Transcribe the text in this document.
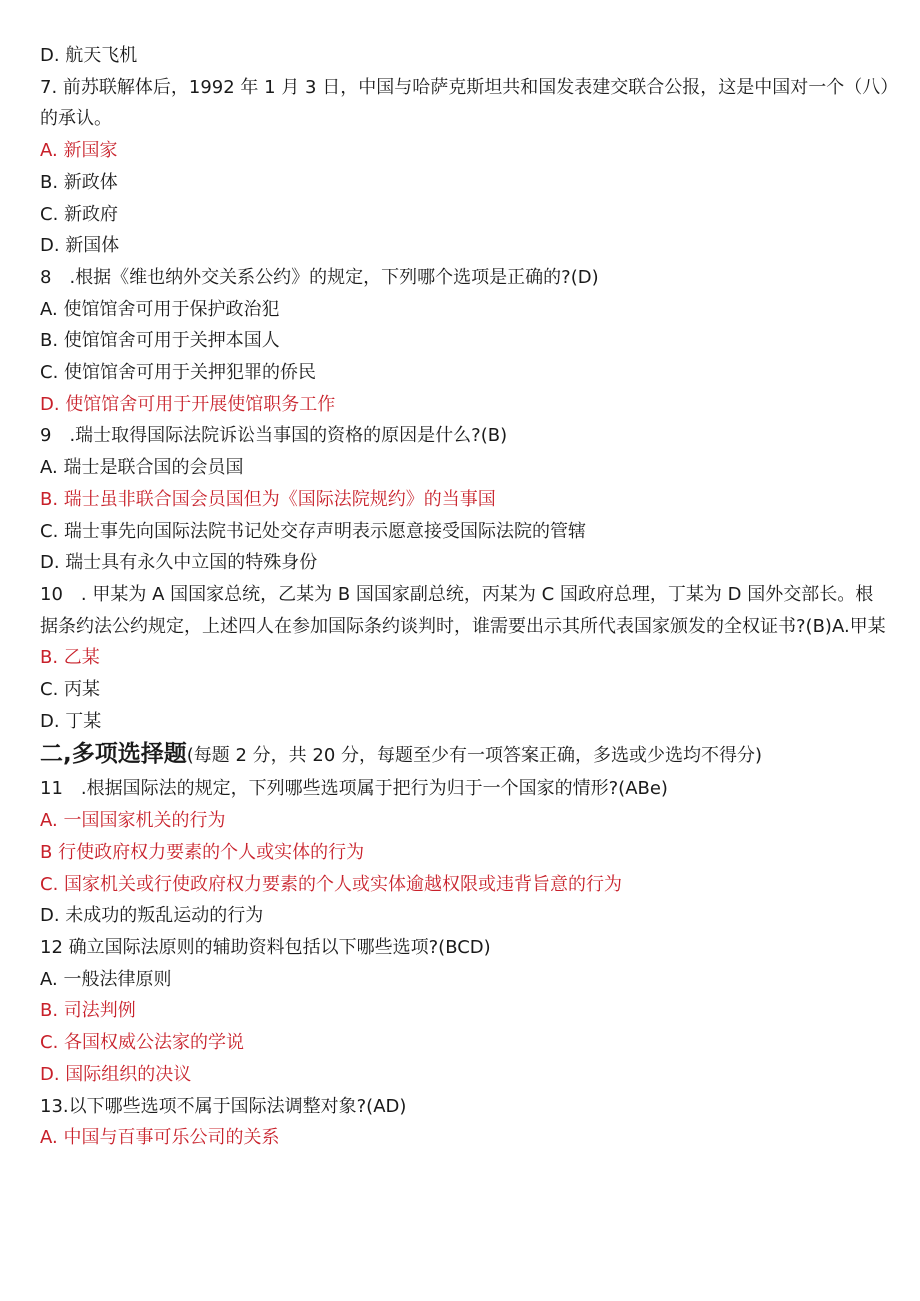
D. 航天飞机
7. 前苏联解体后，1992 年 1 月 3 日，中国与哈萨克斯坦共和国发表建交联合公报，这是中国对一个（八）的承认。
A. 新国家
B. 新政体
C. 新政府
D. 新国体
8　.根据《维也纳外交关系公约》的规定，下列哪个选项是正确的?(D)
A. 使馆馆舍可用于保护政治犯
B. 使馆馆舍可用于关押本国人
C. 使馆馆舍可用于关押犯罪的侨民
D. 使馆馆舍可用于开展使馆职务工作
9　.瑞士取得国际法院诉讼当事国的资格的原因是什么?(B)
A. 瑞士是联合国的会员国
B. 瑞士虽非联合国会员国但为《国际法院规约》的当事国
C. 瑞士事先向国际法院书记处交存声明表示愿意接受国际法院的管辖
D. 瑞士具有永久中立国的特殊身份
10　. 甲某为 A 国国家总统，乙某为 B 国国家副总统，丙某为 C 国政府总理，丁某为 D 国外交部长。根据条约法公约规定，上述四人在参加国际条约谈判时，谁需要出示其所代表国家颁发的全权证书?(B)A.甲某
B. 乙某
C. 丙某
D. 丁某
二,多项选择题(每题 2 分，共 20 分，每题至少有一项答案正确，多选或少选均不得分)
11　.根据国际法的规定，下列哪些选项属于把行为归于一个国家的情形?(ABe)
A. 一国国家机关的行为
B 行使政府权力要素的个人或实体的行为
C. 国家机关或行使政府权力要素的个人或实体逾越权限或违背旨意的行为
D. 未成功的叛乱运动的行为
12 确立国际法原则的辅助资料包括以下哪些选项?(BCD)
A. 一般法律原则
B. 司法判例
C. 各国权威公法家的学说
D. 国际组织的决议
13.以下哪些选项不属于国际法调整对象?(AD)
A. 中国与百事可乐公司的关系
